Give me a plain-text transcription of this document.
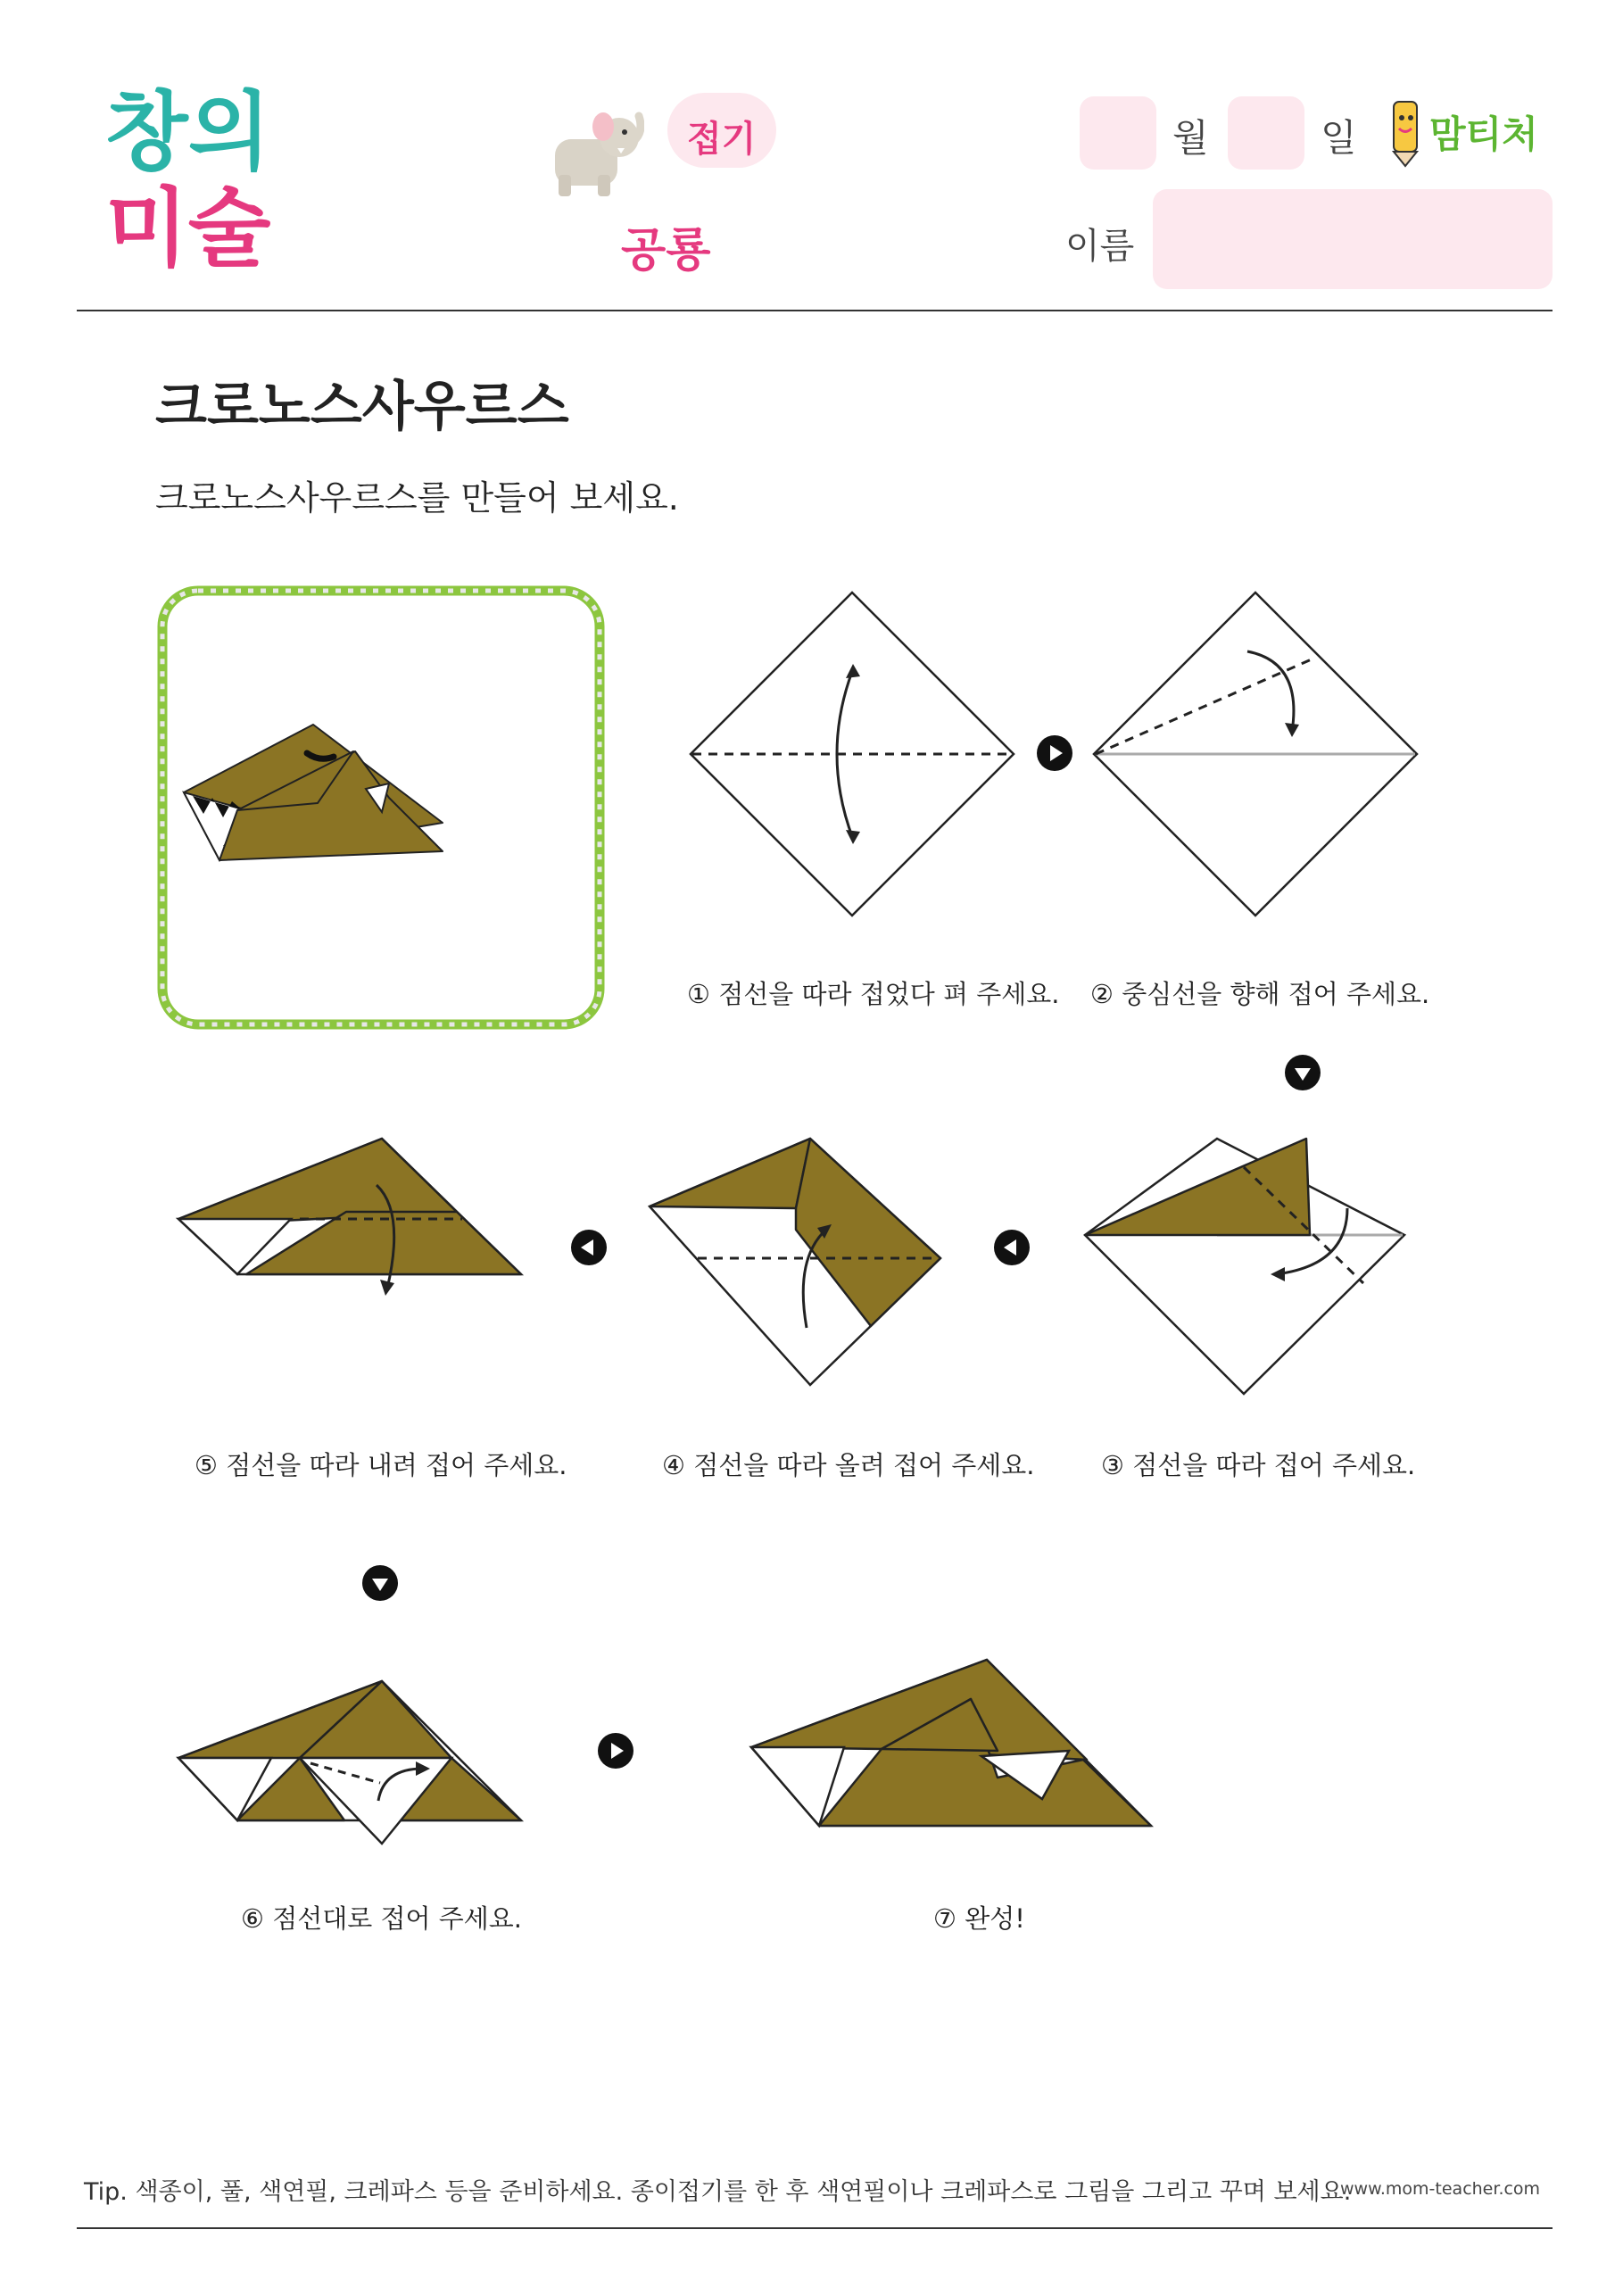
창의
미술
접기
공룡
월	일 맘티처
이름
크로노스사우르스
크로노스사우르스를 만들어 보세요.
① 점선을 따라 접었다 펴 주세요. ② 중심선을 향해 접어 주세요.
③ 점선을 따라 접어 주세요.
④ 점선을 따라 올려 접어 주세요.
⑤ 점선을 따라 내려 접어 주세요.
⑥ 점선대로 접어 주세요.	⑦ 완성!
Tip. 색종이, 풀, 색연필, 크레파스 등을 준비하세요. 종이접기를 한 후 색연필이나 크레파스로 그림을 그리고 꾸며 보세요.
www.mom-teacher.com
